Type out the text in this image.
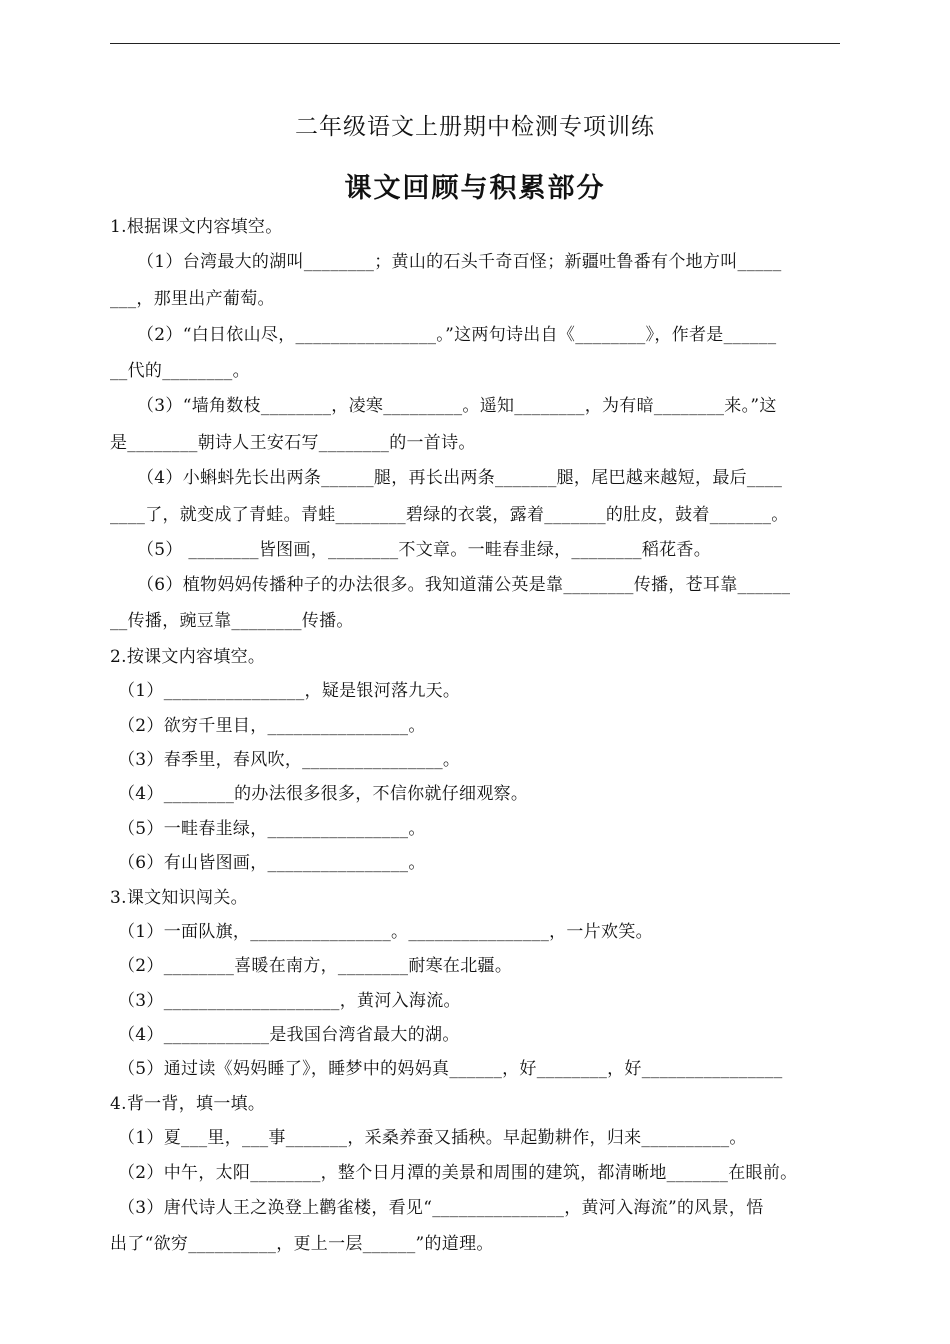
二年级语文上册期中检测专项训练
课文回顾与积累部分
1.根据课文内容填空。
（1）台湾最大的湖叫________；黄山的石头千奇百怪；新疆吐鲁番有个地方叫_____
___，那里出产葡萄。
（2）“白日依山尽，________________。”这两句诗出自《________》，作者是______
__代的________。
（3）“墙角数枝________，凌寒_________。遥知________，为有暗________来。”这
是________朝诗人王安石写________的一首诗。
（4）小蝌蚪先长出两条______腿，再长出两条_______腿，尾巴越来越短，最后____
____了，就变成了青蛙。青蛙________碧绿的衣裳，露着_______的肚皮，鼓着_______。
（5） ________皆图画，________不文章。一畦春韭绿，________稻花香。
（6）植物妈妈传播种子的办法很多。我知道蒲公英是靠________传播，苍耳靠______
__传播，豌豆靠________传播。
2.按课文内容填空。
（1）________________，疑是银河落九天。
（2）欲穷千里目，________________。
（3）春季里，春风吹，________________。
（4）________的办法很多很多，不信你就仔细观察。
（5）一畦春韭绿，________________。
（6）有山皆图画，________________。
3.课文知识闯关。
（1）一面队旗，________________。________________，一片欢笑。
（2）________喜暖在南方，________耐寒在北疆。
（3）____________________，黄河入海流。
（4）____________是我国台湾省最大的湖。
（5）通过读《妈妈睡了》，睡梦中的妈妈真______，好________，好________________
4.背一背，填一填。
（1）夏___里，___事_______，采桑养蚕又插秧。早起勤耕作，归来__________。
（2）中午，太阳________，整个日月潭的美景和周围的建筑，都清晰地_______在眼前。
（3）唐代诗人王之涣登上鹳雀楼，看见“_______________，黄河入海流”的风景，悟
出了“欲穷__________，更上一层______”的道理。
